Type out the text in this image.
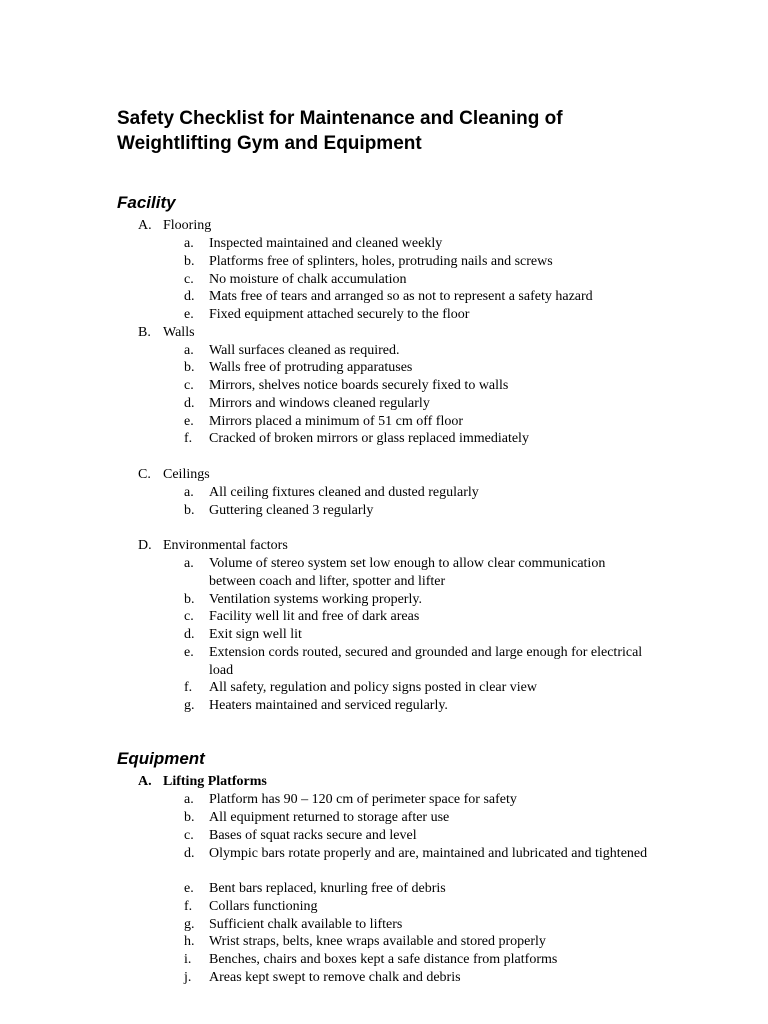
Safety Checklist for Maintenance and Cleaning of
Weightlifting Gym and Equipment
Facility
A. Flooring
a.	Inspected maintained and cleaned weekly
b.	Platforms free of splinters, holes, protruding nails and screws
c.	No moisture of chalk accumulation
d.	Mats free of tears and arranged so as not to represent a safety hazard
e.	Fixed equipment attached securely to the floor
B. Walls
a.	Wall surfaces cleaned as required.
b.	Walls free of protruding apparatuses
c.	Mirrors, shelves notice boards securely fixed to walls
d.	Mirrors and windows cleaned regularly
e.	Mirrors placed a minimum of 51 cm off floor
f.	Cracked of broken mirrors or glass replaced immediately
C. Ceilings
a.	All ceiling fixtures cleaned and dusted regularly
b.	Guttering cleaned 3 regularly
D. Environmental factors
a.	Volume of stereo system set low enough to allow clear communication between coach and lifter, spotter and lifter
b.	Ventilation systems working properly.
c.	Facility well lit and free of dark areas
d.	Exit sign well lit
e.	Extension cords routed, secured and grounded and large enough for electrical load
f.	All safety, regulation and policy signs posted in clear view
g.	Heaters maintained and serviced regularly.
Equipment
A. Lifting Platforms
a.	Platform has 90 – 120 cm of perimeter space for safety
b.	All equipment returned to storage after use
c.	Bases of squat racks secure and level
d.	Olympic bars rotate properly and are, maintained and lubricated and tightened
e.	Bent bars replaced, knurling free of debris
f.	Collars functioning
g.	Sufficient chalk available to lifters
h.	Wrist straps, belts, knee wraps available and stored properly
i.	Benches, chairs and boxes kept a safe distance from platforms
j.	Areas kept swept to remove chalk and debris
